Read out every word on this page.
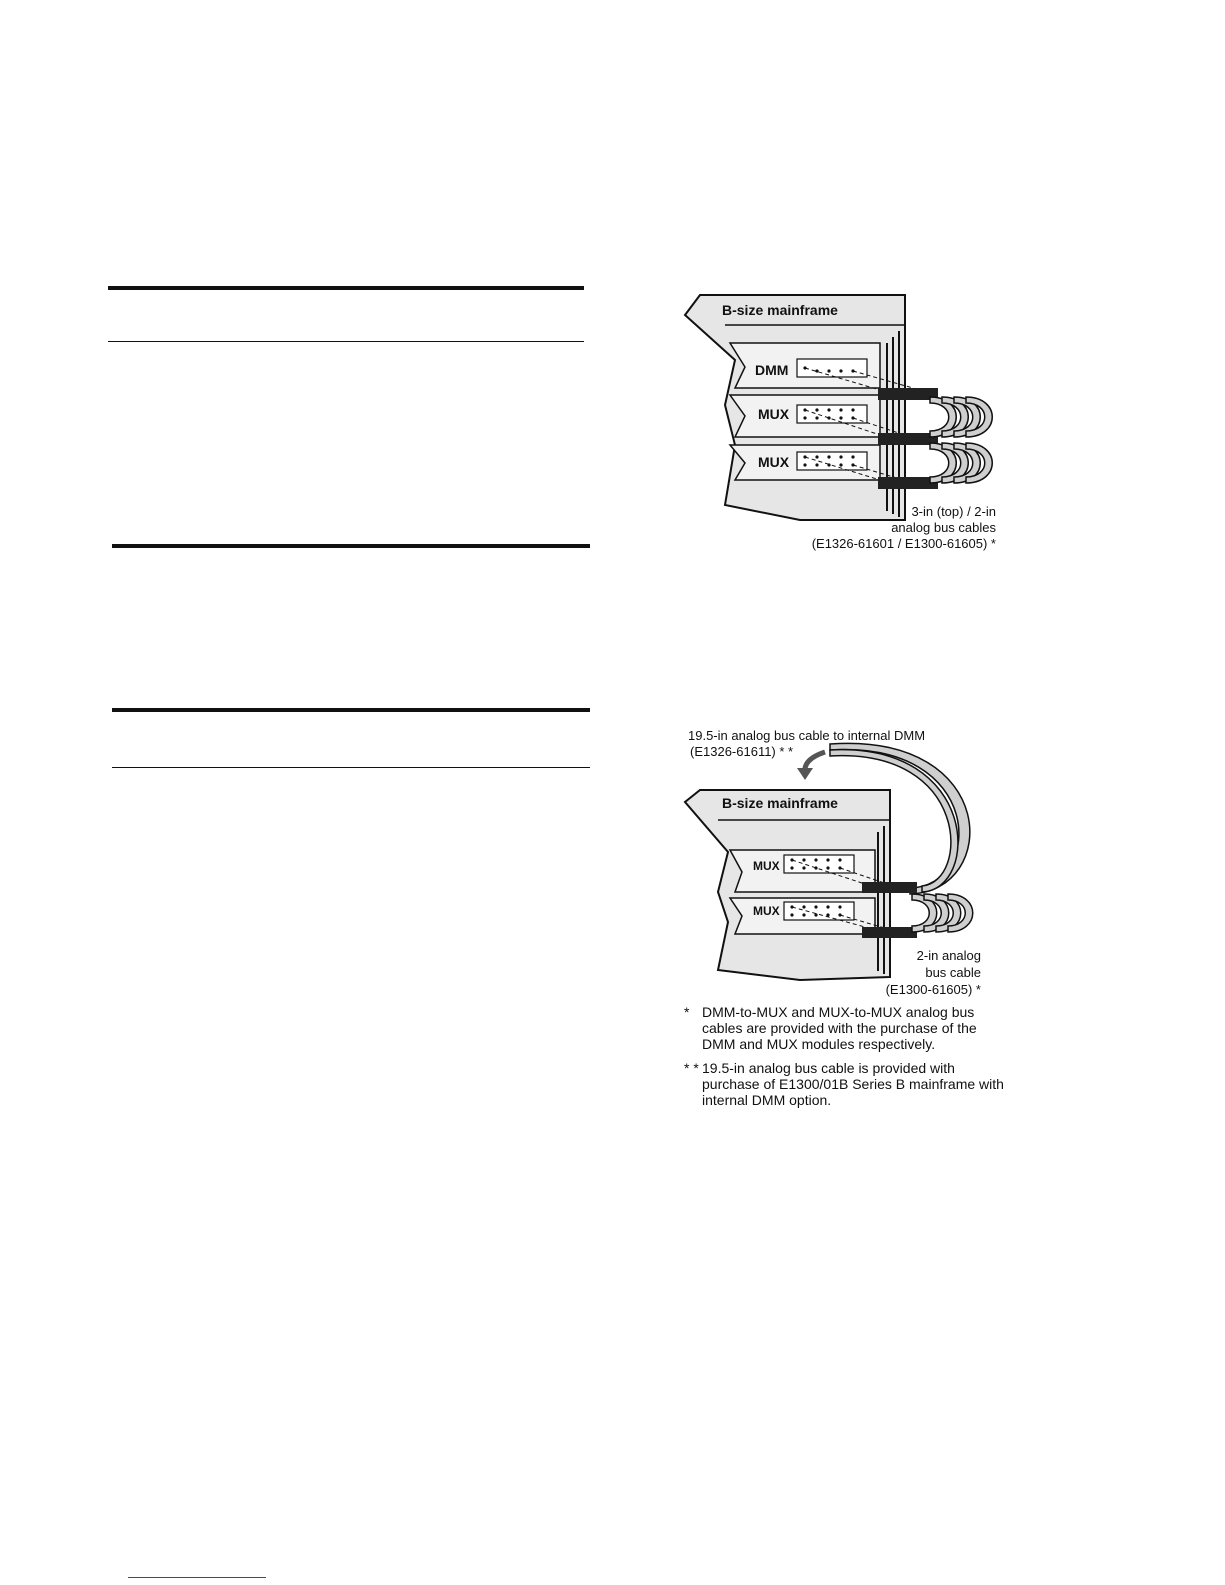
B-size mainframe
DMM
MUX
MUX
3-in (top) / 2-in
analog bus cables
(E1326-61601 / E1300-61605) *
19.5-in analog bus cable to internal DMM
(E1326-61611) * *
B-size mainframe
MUX
MUX
2-in analog
bus cable
(E1300-61605) *
* DMM-to-MUX and MUX-to-MUX analog bus cables are provided with the purchase of the DMM and MUX modules respectively.
* * 19.5-in analog bus cable is provided with purchase of E1300/01B Series B mainframe with internal DMM option.
